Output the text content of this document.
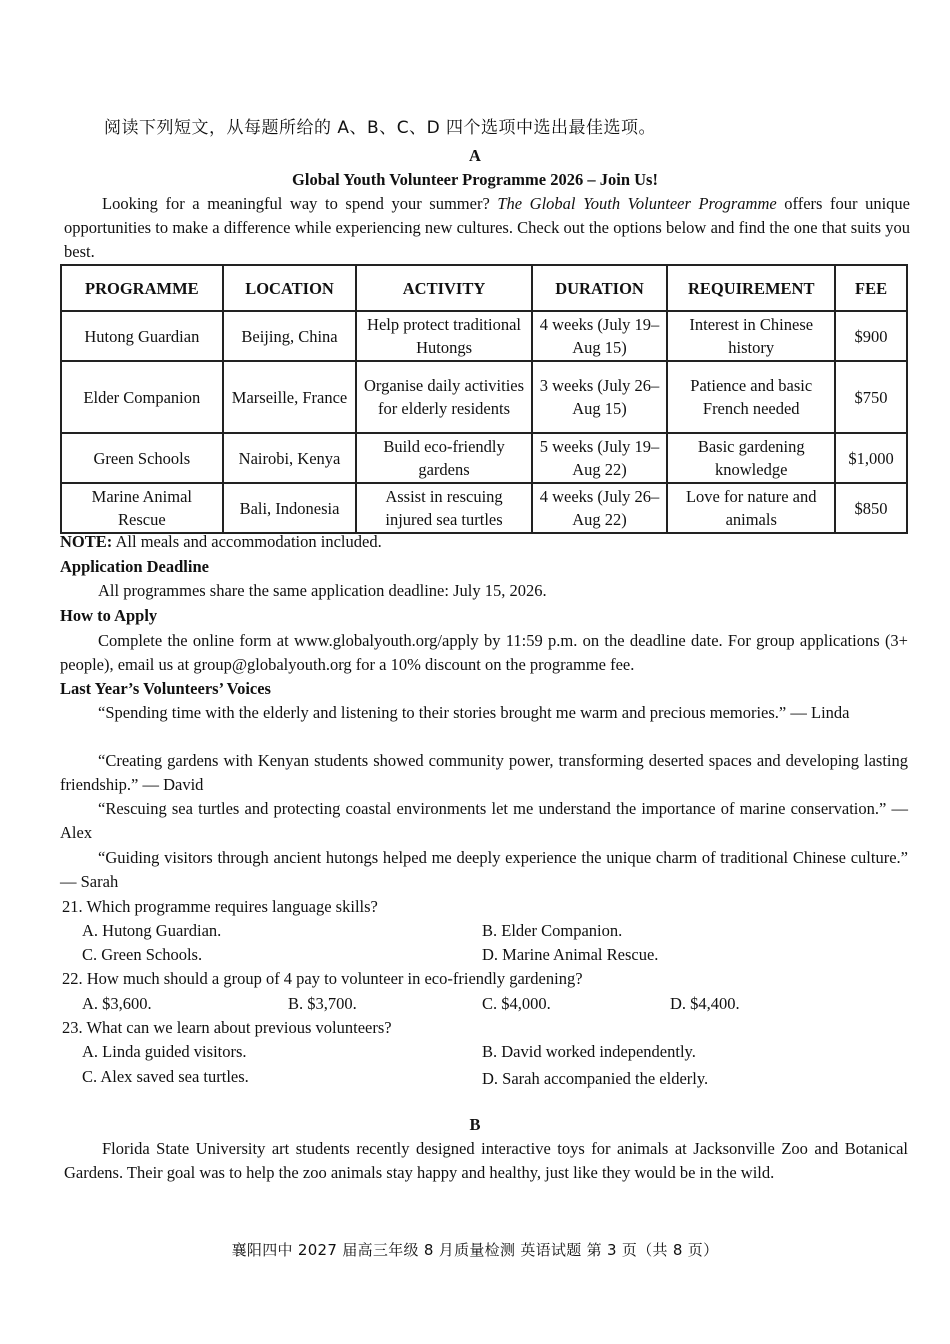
阅读下列短文，从每题所给的 A、B、C、D 四个选项中选出最佳选项。

A

Global Youth Volunteer Programme 2026 – Join Us!

Looking for a meaningful way to spend your summer? The Global Youth Volunteer Programme offers four unique opportunities to make a difference while experiencing new cultures. Check out the options below and find the one that suits you best.

PROGRAMME	LOCATION	ACTIVITY	DURATION	REQUIREMENT	FEE
Hutong Guardian	Beijing, China	Help protect traditional Hutongs	4 weeks (July 19–Aug 15)	Interest in Chinese history	$900
Elder Companion	Marseille, France	Organise daily activities for elderly residents	3 weeks (July 26–Aug 15)	Patience and basic French needed	$750
Green Schools	Nairobi, Kenya	Build eco-friendly gardens	5 weeks (July 19–Aug 22)	Basic gardening knowledge	$1,000
Marine Animal Rescue	Bali, Indonesia	Assist in rescuing injured sea turtles	4 weeks (July 26–Aug 22)	Love for nature and animals	$850

NOTE: All meals and accommodation included.

Application Deadline

All programmes share the same application deadline: July 15, 2026.

How to Apply

Complete the online form at www.globalyouth.org/apply by 11:59 p.m. on the deadline date. For group applications (3+ people), email us at group@globalyouth.org for a 10% discount on the programme fee.

Last Year’s Volunteers’ Voices

“Spending time with the elderly and listening to their stories brought me warm and precious memories.” — Linda

“Creating gardens with Kenyan students showed community power, transforming deserted spaces and developing lasting friendship.” — David

“Rescuing sea turtles and protecting coastal environments let me understand the importance of marine conservation.” — Alex

“Guiding visitors through ancient hutongs helped me deeply experience the unique charm of traditional Chinese culture.” — Sarah

21. Which programme requires language skills?

A. Hutong Guardian.	B. Elder Companion.

C. Green Schools.	D. Marine Animal Rescue.

22. How much should a group of 4 pay to volunteer in eco-friendly gardening?

A. $3,600.	B. $3,700.	C. $4,000.	D. $4,400.

23. What can we learn about previous volunteers?

A. Linda guided visitors.	B. David worked independently.

C. Alex saved sea turtles.	D. Sarah accompanied the elderly.

B

Florida State University art students recently designed interactive toys for animals at Jacksonville Zoo and Botanical Gardens. Their goal was to help the zoo animals stay happy and healthy, just like they would be in the wild.

襄阳四中 2027 届高三年级 8 月质量检测 英语试题 第 3 页（共 8 页）
